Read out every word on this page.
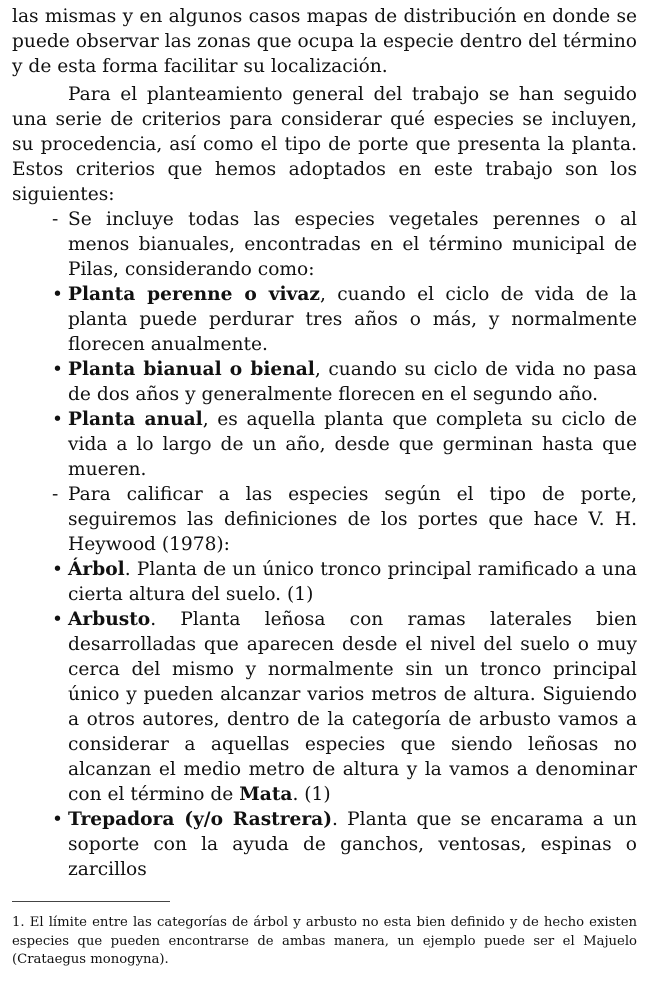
las mismas y en algunos casos mapas de distribución en donde se puede observar las zonas que ocupa la especie dentro del término y de esta forma facilitar su localización.

Para el planteamiento general del trabajo se han seguido una serie de criterios para considerar qué especies se incluyen, su procedencia, así como el tipo de porte que presenta la planta. Estos criterios que hemos adoptados en este trabajo son los siguientes:

- Se incluye todas las especies vegetales perennes o al menos bianuales, encontradas en el término municipal de Pilas, considerando como:
• Planta perenne o vivaz, cuando el ciclo de vida de la planta puede perdurar tres años o más, y normalmente florecen anualmente.
• Planta bianual o bienal, cuando su ciclo de vida no pasa de dos años y generalmente florecen en el segundo año.
• Planta anual, es aquella planta que completa su ciclo de vida a lo largo de un año, desde que germinan hasta que mueren.
- Para calificar a las especies según el tipo de porte, seguiremos las definiciones de los portes que hace V. H. Heywood (1978):
• Árbol. Planta de un único tronco principal ramificado a una cierta altura del suelo. (1)
• Arbusto. Planta leñosa con ramas laterales bien desarrolladas que aparecen desde el nivel del suelo o muy cerca del mismo y normalmente sin un tronco principal único y pueden alcanzar varios metros de altura. Siguiendo a otros autores, dentro de la categoría de arbusto vamos a considerar a aquellas especies que siendo leñosas no alcanzan el medio metro de altura y la vamos a denominar con el término de Mata. (1)
• Trepadora (y/o Rastrera). Planta que se encarama a un soporte con la ayuda de ganchos, ventosas, espinas o zarcillos

1. El límite entre las categorías de árbol y arbusto no esta bien definido y de hecho existen especies que pueden encontrarse de ambas manera, un ejemplo puede ser el Majuelo (Crataegus monogyna).
